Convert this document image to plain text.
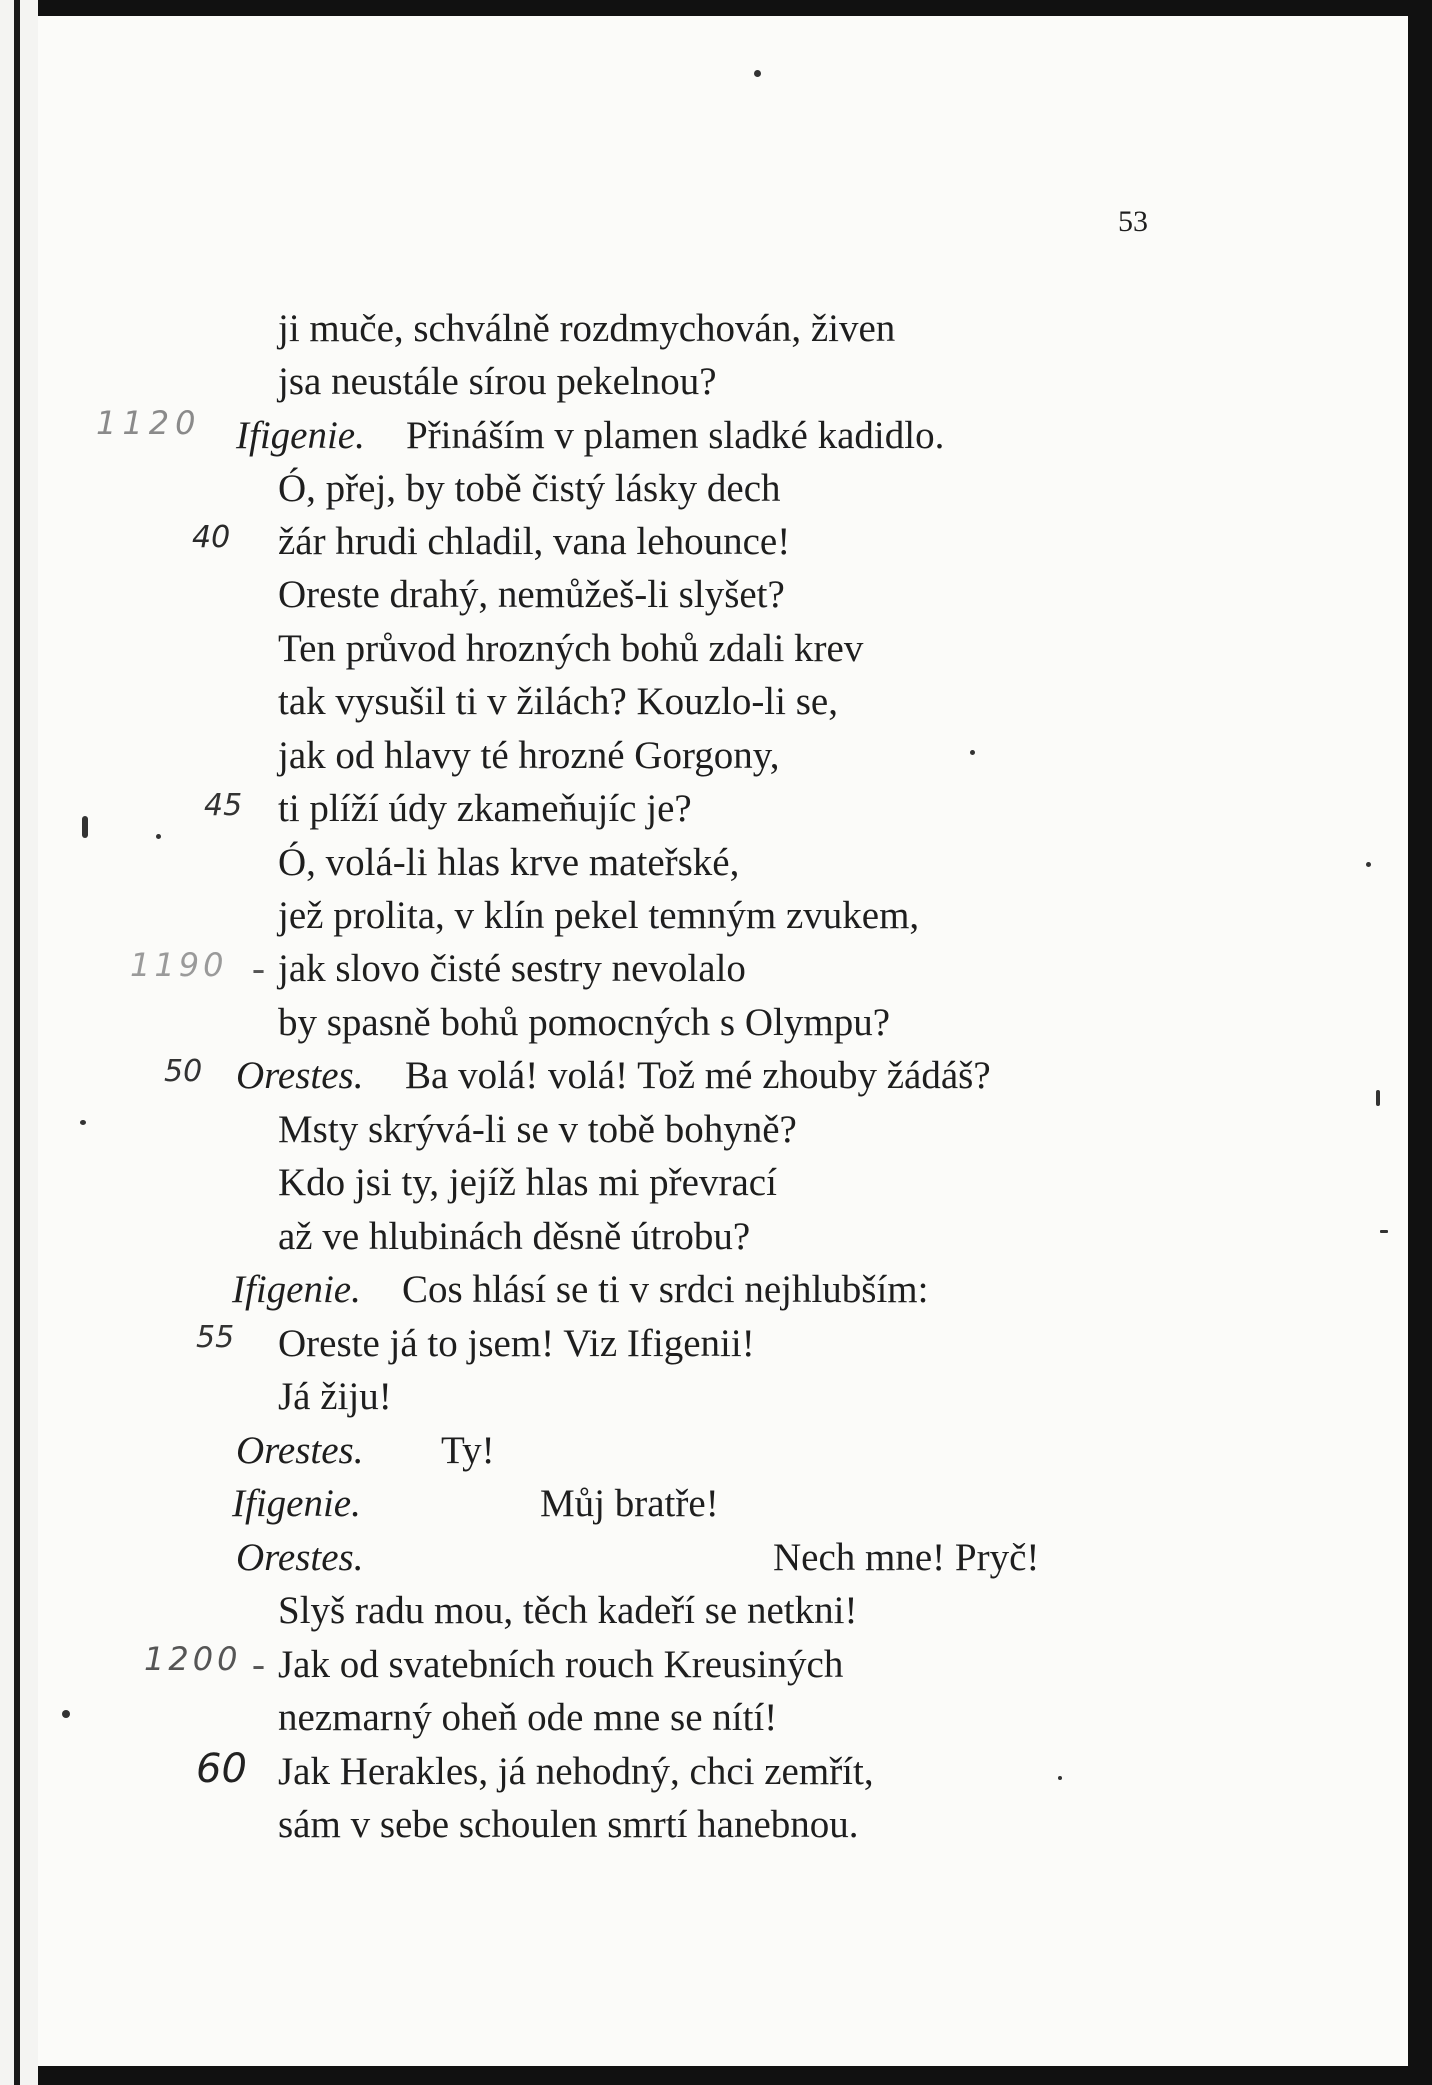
53
ji muče, schválně rozdmychován, živen
jsa neustále sírou pekelnou?
Ifigenie. Přináším v plamen sladké kadidlo.
Ó, přej, by tobě čistý lásky dech
žár hrudi chladil, vana lehounce!
Oreste drahý, nemůžeš-li slyšet?
Ten průvod hrozných bohů zdali krev
tak vysušil ti v žilách? Kouzlo-li se,
jak od hlavy té hrozné Gorgony,
ti plíží údy zkameňujíc je?
Ó, volá-li hlas krve mateřské,
jež prolita, v klín pekel temným zvukem,
jak slovo čisté sestry nevolalo
by spasně bohů pomocných s Olympu?
Orestes. Ba volá! volá! Tož mé zhouby žádáš?
Msty skrývá-li se v tobě bohyně?
Kdo jsi ty, jejíž hlas mi převrací
až ve hlubinách děsně útrobu?
Ifigenie. Cos hlásí se ti v srdci nejhlubším:
Oreste já to jsem! Viz Ifigenii!
Já žiju!
Orestes. Ty!
Ifigenie.	Můj bratře!
Orestes.	Nech mne! Pryč!
Slyš radu mou, těch kadeří se netkni!
Jak od svatebních rouch Kreusiných
nezmarný oheň ode mne se nítí!
Jak Herakles, já nehodný, chci zemřít,
sám v sebe schoulen smrtí hanebnou.
1120
40
45
1190
50
55
1200
60
-
-
